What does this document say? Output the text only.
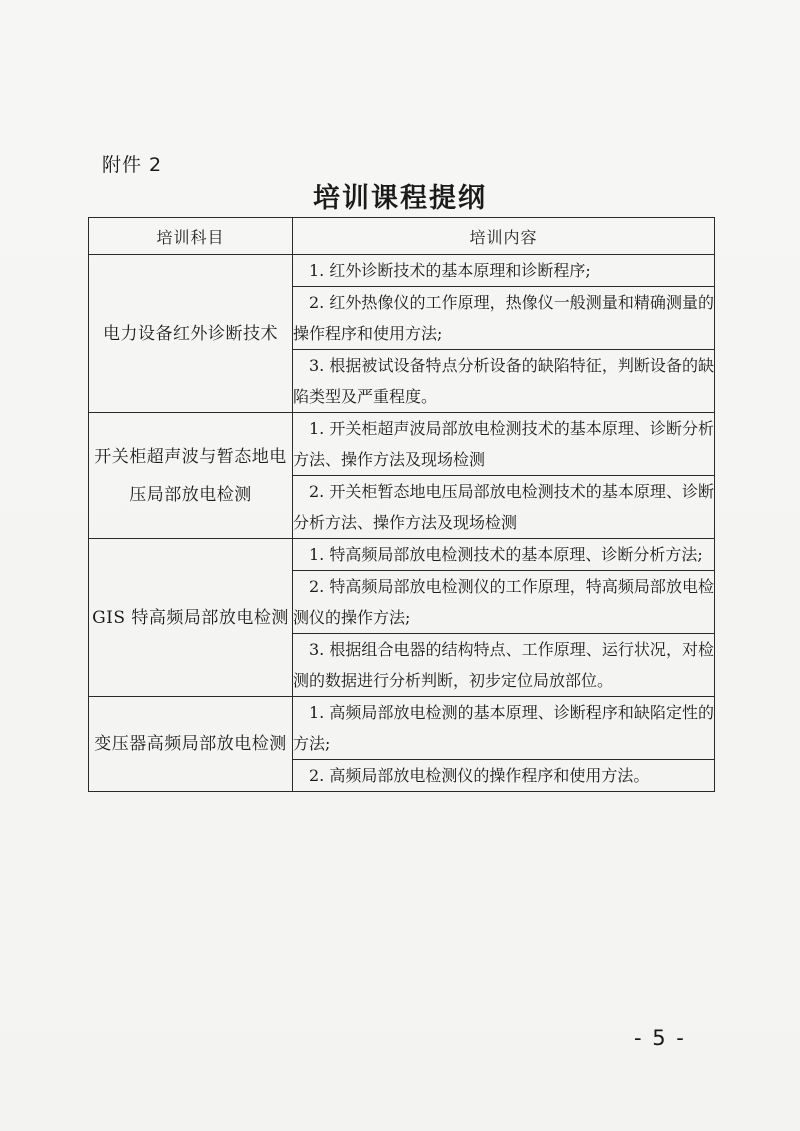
附件 2
培训课程提纲
培训科目	培训内容
电力设备红外诊断技术	1. 红外诊断技术的基本原理和诊断程序;
	2. 红外热像仪的工作原理，热像仪一般测量和精确测量的操作程序和使用方法;
	3. 根据被试设备特点分析设备的缺陷特征，判断设备的缺陷类型及严重程度。
开关柜超声波与暂态地电压局部放电检测	1. 开关柜超声波局部放电检测技术的基本原理、诊断分析方法、操作方法及现场检测
	2. 开关柜暂态地电压局部放电检测技术的基本原理、诊断分析方法、操作方法及现场检测
GIS 特高频局部放电检测	1. 特高频局部放电检测技术的基本原理、诊断分析方法;
	2. 特高频局部放电检测仪的工作原理，特高频局部放电检测仪的操作方法;
	3. 根据组合电器的结构特点、工作原理、运行状况，对检测的数据进行分析判断，初步定位局放部位。
变压器高频局部放电检测	1. 高频局部放电检测的基本原理、诊断程序和缺陷定性的方法;
	2. 高频局部放电检测仪的操作程序和使用方法。
- 5 -
